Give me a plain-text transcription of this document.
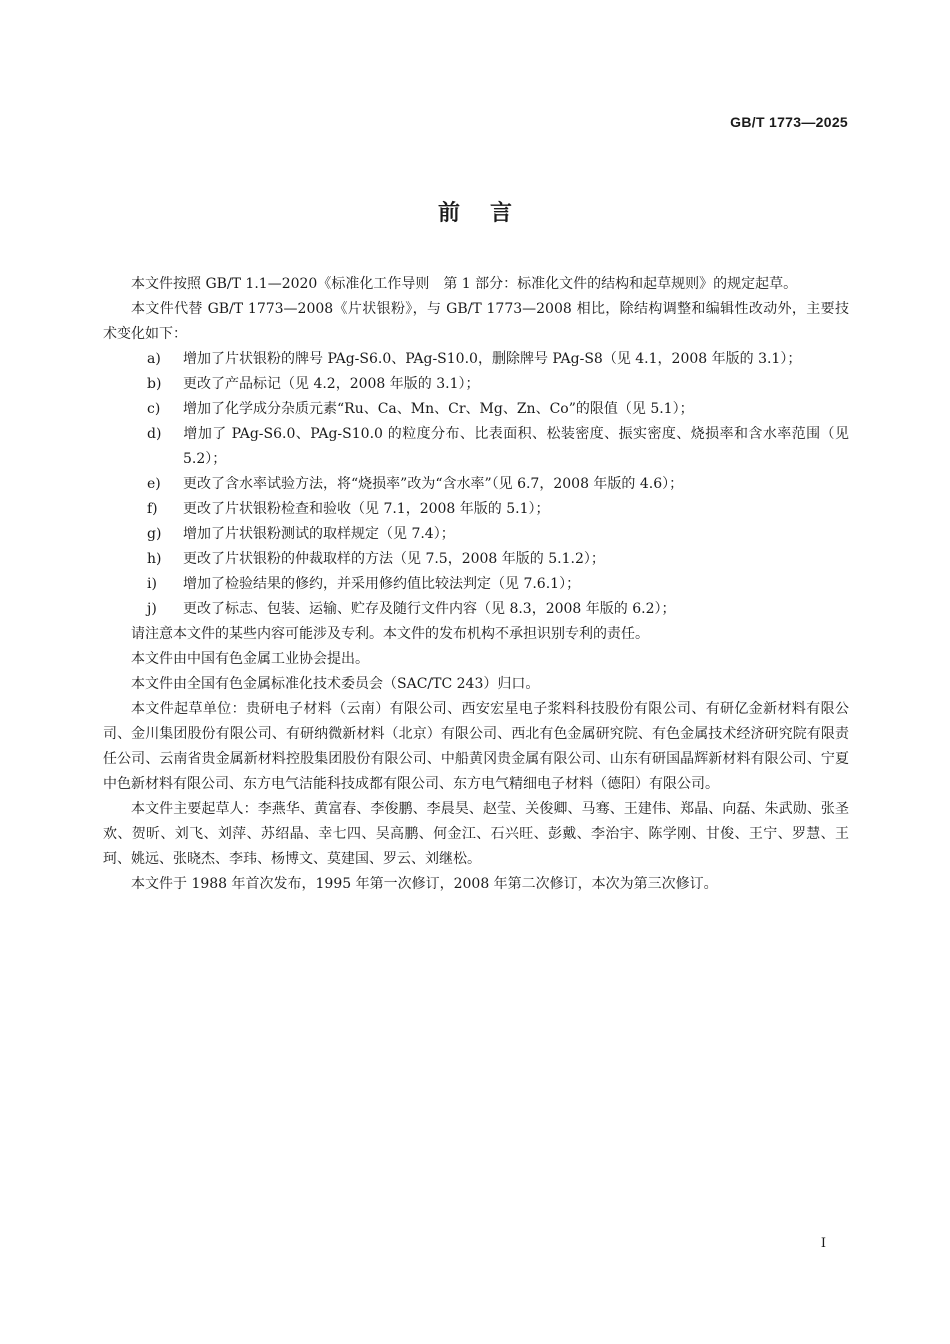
GB/T 1773—2025
前言

本文件按照 GB/T 1.1—2020《标准化工作导则　第 1 部分：标准化文件的结构和起草规则》的规定起草。

本文件代替 GB/T 1773—2008《片状银粉》，与 GB/T 1773—2008 相比，除结构调整和编辑性改动外，主要技术变化如下：

a) 增加了片状银粉的牌号 PAg-S6.0、PAg-S10.0，删除牌号 PAg-S8（见 4.1，2008 年版的 3.1）；

b) 更改了产品标记（见 4.2，2008 年版的 3.1）；

c) 增加了化学成分杂质元素“Ru、Ca、Mn、Cr、Mg、Zn、Co”的限值（见 5.1）；

d) 增加了 PAg-S6.0、PAg-S10.0 的粒度分布、比表面积、松装密度、振实密度、烧损率和含水率范围（见 5.2）；

e) 更改了含水率试验方法，将“烧损率”改为“含水率”（见 6.7，2008 年版的 4.6）；

f) 更改了片状银粉检查和验收（见 7.1，2008 年版的 5.1）；

g) 增加了片状银粉测试的取样规定（见 7.4）；

h) 更改了片状银粉的仲裁取样的方法（见 7.5，2008 年版的 5.1.2）；

i) 增加了检验结果的修约，并采用修约值比较法判定（见 7.6.1）；

j) 更改了标志、包装、运输、贮存及随行文件内容（见 8.3，2008 年版的 6.2）；

请注意本文件的某些内容可能涉及专利。本文件的发布机构不承担识别专利的责任。

本文件由中国有色金属工业协会提出。

本文件由全国有色金属标准化技术委员会（SAC/TC 243）归口。

本文件起草单位：贵研电子材料（云南）有限公司、西安宏星电子浆料科技股份有限公司、有研亿金新材料有限公司、金川集团股份有限公司、有研纳微新材料（北京）有限公司、西北有色金属研究院、有色金属技术经济研究院有限责任公司、云南省贵金属新材料控股集团股份有限公司、中船黄冈贵金属有限公司、山东有研国晶辉新材料有限公司、宁夏中色新材料有限公司、东方电气洁能科技成都有限公司、东方电气精细电子材料（德阳）有限公司。

本文件主要起草人：李燕华、黄富春、李俊鹏、李晨昊、赵莹、关俊卿、马骞、王建伟、郑晶、向磊、朱武勋、张圣欢、贺昕、刘飞、刘萍、苏绍晶、幸七四、吴高鹏、何金江、石兴旺、彭戴、李治宇、陈学刚、甘俊、王宁、罗慧、王珂、姚远、张晓杰、李玮、杨博文、莫建国、罗云、刘继松。

本文件于 1988 年首次发布，1995 年第一次修订，2008 年第二次修订，本次为第三次修订。

I
